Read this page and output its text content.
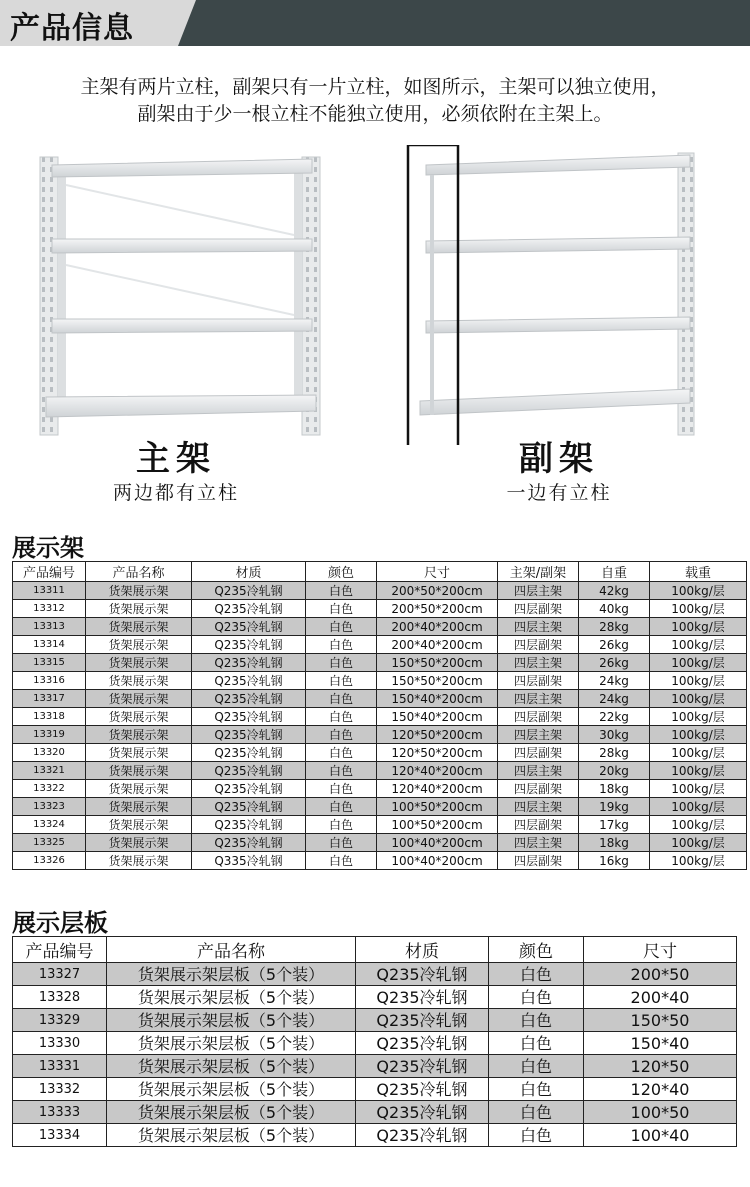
产品信息
主架有两片立柱，副架只有一片立柱，如图所示，主架可以独立使用，
副架由于少一根立柱不能独立使用，必须依附在主架上。
主架
两边都有立柱
副架
一边有立柱
展示架
产品编号	产品名称	材质	颜色	尺寸	主架/副架	自重	载重
13311	货架展示架	Q235冷轧钢	白色	200*50*200cm	四层主架	42kg	100kg/层
13312	货架展示架	Q235冷轧钢	白色	200*50*200cm	四层副架	40kg	100kg/层
13313	货架展示架	Q235冷轧钢	白色	200*40*200cm	四层主架	28kg	100kg/层
13314	货架展示架	Q235冷轧钢	白色	200*40*200cm	四层副架	26kg	100kg/层
13315	货架展示架	Q235冷轧钢	白色	150*50*200cm	四层主架	26kg	100kg/层
13316	货架展示架	Q235冷轧钢	白色	150*50*200cm	四层副架	24kg	100kg/层
13317	货架展示架	Q235冷轧钢	白色	150*40*200cm	四层主架	24kg	100kg/层
13318	货架展示架	Q235冷轧钢	白色	150*40*200cm	四层副架	22kg	100kg/层
13319	货架展示架	Q235冷轧钢	白色	120*50*200cm	四层主架	30kg	100kg/层
13320	货架展示架	Q235冷轧钢	白色	120*50*200cm	四层副架	28kg	100kg/层
13321	货架展示架	Q235冷轧钢	白色	120*40*200cm	四层主架	20kg	100kg/层
13322	货架展示架	Q235冷轧钢	白色	120*40*200cm	四层副架	18kg	100kg/层
13323	货架展示架	Q235冷轧钢	白色	100*50*200cm	四层主架	19kg	100kg/层
13324	货架展示架	Q235冷轧钢	白色	100*50*200cm	四层副架	17kg	100kg/层
13325	货架展示架	Q235冷轧钢	白色	100*40*200cm	四层主架	18kg	100kg/层
13326	货架展示架	Q335冷轧钢	白色	100*40*200cm	四层副架	16kg	100kg/层
展示层板
产品编号	产品名称	材质	颜色	尺寸
13327	货架展示架层板（5个装）	Q235冷轧钢	白色	200*50
13328	货架展示架层板（5个装）	Q235冷轧钢	白色	200*40
13329	货架展示架层板（5个装）	Q235冷轧钢	白色	150*50
13330	货架展示架层板（5个装）	Q235冷轧钢	白色	150*40
13331	货架展示架层板（5个装）	Q235冷轧钢	白色	120*50
13332	货架展示架层板（5个装）	Q235冷轧钢	白色	120*40
13333	货架展示架层板（5个装）	Q235冷轧钢	白色	100*50
13334	货架展示架层板（5个装）	Q235冷轧钢	白色	100*40
